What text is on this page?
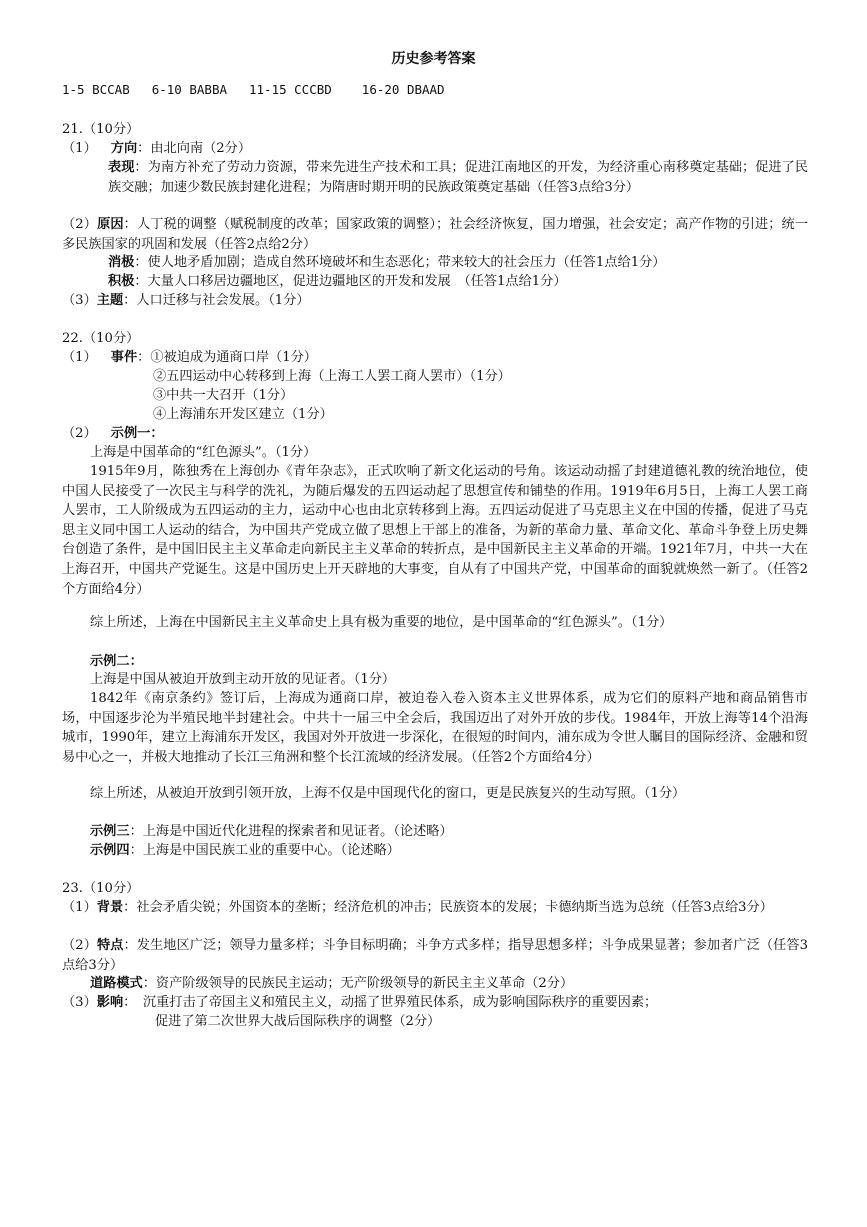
历史参考答案
1-5 BCCAB 6-10 BABBA 11-15 CCCBD 16-20 DBAAD
21.（10分）
（1） 方向：由北向南（2分）
表现：为南方补充了劳动力资源，带来先进生产技术和工具；促进江南地区的开发，为经济重心南移奠定基础；促进了民族交融；加速少数民族封建化进程；为隋唐时期开明的民族政策奠定基础（任答3点给3分）
（2）原因：人丁税的调整（赋税制度的改革；国家政策的调整）；社会经济恢复，国力增强，社会安定；高产作物的引进；统一多民族国家的巩固和发展（任答2点给2分）
消极：使人地矛盾加剧；造成自然环境破坏和生态恶化；带来较大的社会压力（任答1点给1分）
积极：大量人口移居边疆地区，促进边疆地区的开发和发展　（任答1点给1分）
（3）主题：人口迁移与社会发展。（1分）
22.（10分）
（1） 事件：①被迫成为通商口岸（1分）
②五四运动中心转移到上海（上海工人罢工商人罢市）（1分）
③中共一大召开（1分）
④上海浦东开发区建立（1分）
（2） 示例一：
上海是中国革命的“红色源头”。（1分）
1915年9月，陈独秀在上海创办《青年杂志》，正式吹响了新文化运动的号角。该运动动摇了封建道德礼教的统治地位，使中国人民接受了一次民主与科学的洗礼，为随后爆发的五四运动起了思想宣传和铺垫的作用。1919年6月5日，上海工人罢工商人罢市，工人阶级成为五四运动的主力，运动中心也由北京转移到上海。五四运动促进了马克思主义在中国的传播，促进了马克思主义同中国工人运动的结合，为中国共产党成立做了思想上干部上的准备，为新的革命力量、革命文化、革命斗争登上历史舞台创造了条件，是中国旧民主主义革命走向新民主主义革命的转折点，是中国新民主主义革命的开端。1921年7月，中共一大在上海召开，中国共产党诞生。这是中国历史上开天辟地的大事变，自从有了中国共产党，中国革命的面貌就焕然一新了。（任答2个方面给4分）
综上所述，上海在中国新民主主义革命史上具有极为重要的地位，是中国革命的“红色源头”。（1分）
示例二：
上海是中国从被迫开放到主动开放的见证者。（1分）
1842年《南京条约》签订后，上海成为通商口岸，被迫卷入卷入资本主义世界体系，成为它们的原料产地和商品销售市场，中国逐步沦为半殖民地半封建社会。中共十一届三中全会后，我国迈出了对外开放的步伐。1984年，开放上海等14个沿海城市，1990年，建立上海浦东开发区，我国对外开放进一步深化，在很短的时间内，浦东成为令世人瞩目的国际经济、金融和贸易中心之一，并极大地推动了长江三角洲和整个长江流域的经济发展。（任答2个方面给4分）
综上所述，从被迫开放到引领开放，上海不仅是中国现代化的窗口，更是民族复兴的生动写照。（1分）
示例三：上海是中国近代化进程的探索者和见证者。（论述略）
示例四：上海是中国民族工业的重要中心。（论述略）
23.（10分）
（1）背景：社会矛盾尖锐；外国资本的垄断；经济危机的冲击；民族资本的发展；卡德纳斯当选为总统（任答3点给3分）
（2）特点：发生地区广泛；领导力量多样；斗争目标明确；斗争方式多样；指导思想多样；斗争成果显著；参加者广泛（任答3点给3分）
道路模式：资产阶级领导的民族民主运动；无产阶级领导的新民主主义革命（2分）
（3）影响：　沉重打击了帝国主义和殖民主义，动摇了世界殖民体系，成为影响国际秩序的重要因素；
促进了第二次世界大战后国际秩序的调整（2分）
